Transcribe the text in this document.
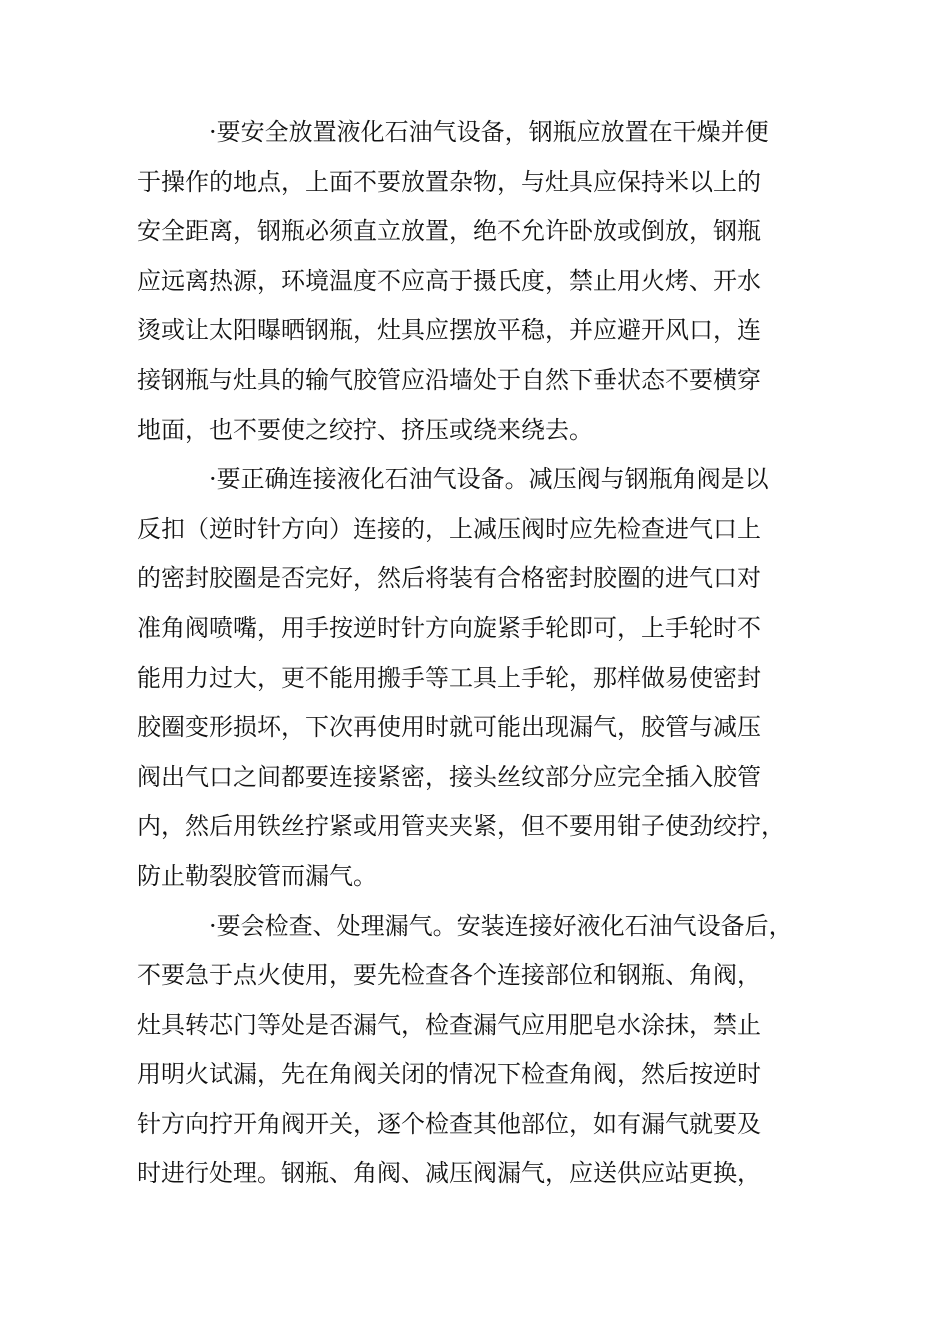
·要安全放置液化石油气设备，钢瓶应放置在干燥并便
于操作的地点，上面不要放置杂物，与灶具应保持米以上的
安全距离，钢瓶必须直立放置，绝不允许卧放或倒放，钢瓶
应远离热源，环境温度不应高于摄氏度，禁止用火烤、开水
烫或让太阳曝晒钢瓶，灶具应摆放平稳，并应避开风口，连
接钢瓶与灶具的输气胶管应沿墙处于自然下垂状态不要横穿
地面，也不要使之绞拧、挤压或绕来绕去。
·要正确连接液化石油气设备。减压阀与钢瓶角阀是以
反扣（逆时针方向）连接的，上减压阀时应先检查进气口上
的密封胶圈是否完好，然后将装有合格密封胶圈的进气口对
准角阀喷嘴，用手按逆时针方向旋紧手轮即可，上手轮时不
能用力过大，更不能用搬手等工具上手轮，那样做易使密封
胶圈变形损坏，下次再使用时就可能出现漏气，胶管与减压
阀出气口之间都要连接紧密，接头丝纹部分应完全插入胶管
内，然后用铁丝拧紧或用管夹夹紧，但不要用钳子使劲绞拧，
防止勒裂胶管而漏气。
·要会检查、处理漏气。安装连接好液化石油气设备后，
不要急于点火使用，要先检查各个连接部位和钢瓶、角阀，
灶具转芯门等处是否漏气，检查漏气应用肥皂水涂抹，禁止
用明火试漏，先在角阀关闭的情况下检查角阀，然后按逆时
针方向拧开角阀开关，逐个检查其他部位，如有漏气就要及
时进行处理。钢瓶、角阀、减压阀漏气，应送供应站更换，
